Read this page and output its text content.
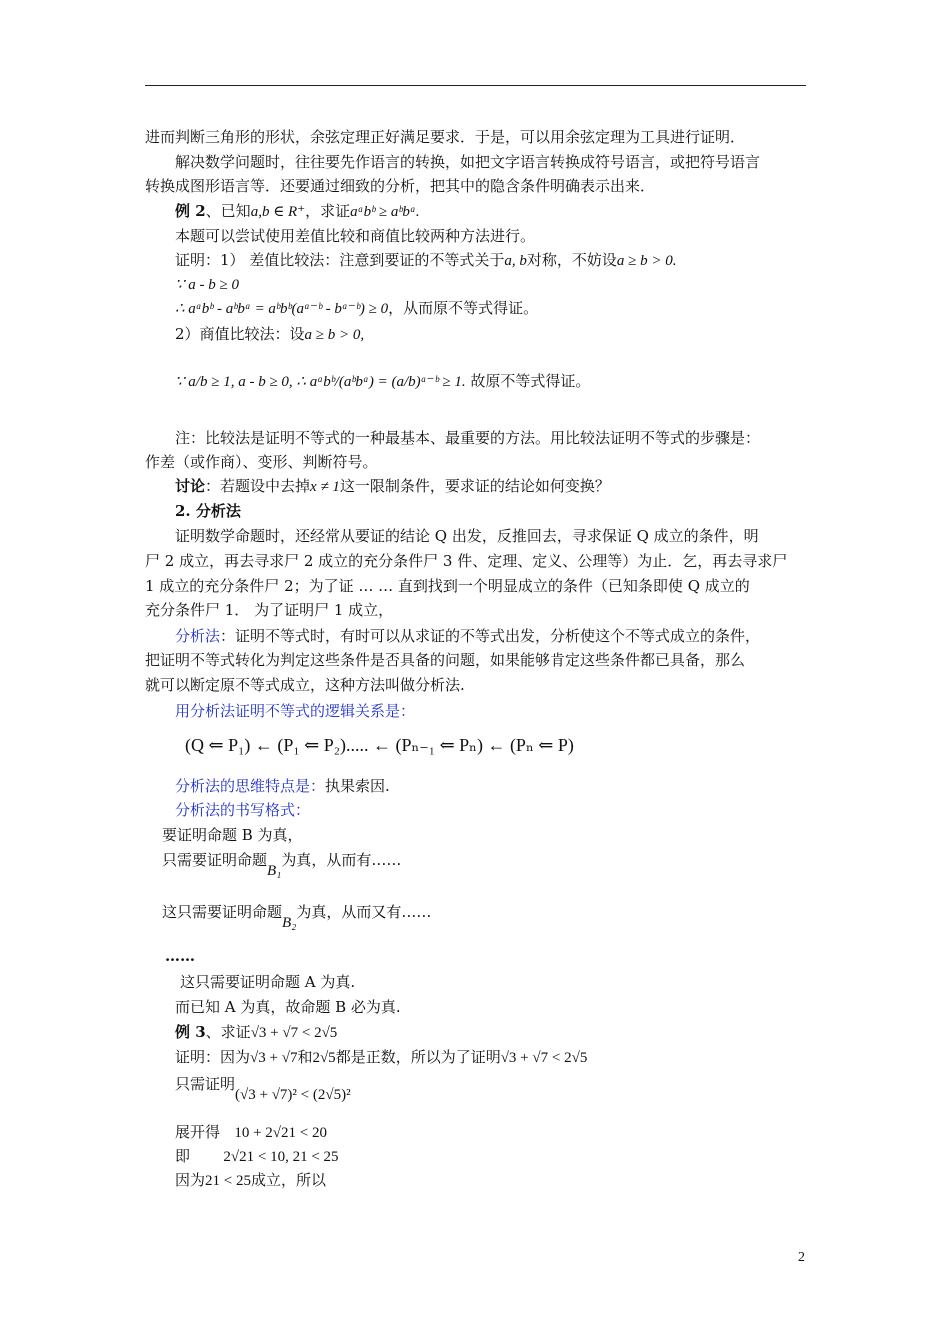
进而判断三角形的形状，余弦定理正好满足要求．于是，可以用余弦定理为工具进行证明．
解决数学问题时，往往要先作语言的转换，如把文字语言转换成符号语言，或把符号语言
转换成图形语言等．还要通过细致的分析，把其中的隐含条件明确表示出来．
例 2、已知a,b ∈ R⁺，求证aᵃbᵇ ≥ aᵇbᵃ.
本题可以尝试使用差值比较和商值比较两种方法进行。
证明：1） 差值比较法：注意到要证的不等式关于a, b对称，不妨设a ≥ b > 0.
∵ a - b ≥ 0
∴ aᵃbᵇ - aᵇbᵃ = aᵇbᵇ(aᵃ⁻ᵇ - bᵃ⁻ᵇ) ≥ 0，从而原不等式得证。
2）商值比较法：设a ≥ b > 0,
∵ a/b ≥ 1, a - b ≥ 0, ∴ aᵃbᵇ/(aᵇbᵃ) = (a/b)ᵃ⁻ᵇ ≥ 1. 故原不等式得证。
注：比较法是证明不等式的一种最基本、最重要的方法。用比较法证明不等式的步骤是：
作差（或作商）、变形、判断符号。
讨论：若题设中去掉x ≠ 1这一限制条件，要求证的结论如何变换？
2. 分析法
证明数学命题时，还经常从要证的结论 Q 出发，反推回去，寻求保证 Q 成立的条件，明
尸 2 成立，再去寻求尸 2 成立的充分条件尸 3 件、定理、定义、公理等）为止．乞，再去寻求尸
1 成立的充分条件尸 2；为了证 … … 直到找到一个明显成立的条件（已知条即使 Q 成立的
充分条件尸 1． 为了证明尸 1 成立，
分析法：证明不等式时，有时可以从求证的不等式出发，分析使这个不等式成立的条件，
把证明不等式转化为判定这些条件是否具备的问题，如果能够肯定这些条件都已具备，那么
就可以断定原不等式成立，这种方法叫做分析法.
用分析法证明不等式的逻辑关系是：
(Q ⇐ P₁) ← (P₁ ⇐ P₂)..... ← (Pₙ₋₁ ⇐ Pₙ) ← (Pₙ ⇐ P)
分析法的思维特点是：执果索因.
分析法的书写格式：
要证明命题 B 为真，
只需要证明命题B₁为真，从而有……
这只需要证明命题B₂为真，从而又有……
……
这只需要证明命题 A 为真.
而已知 A 为真，故命题 B 必为真.
例 3、求证√3 + √7 < 2√5
证明：因为√3 + √7和2√5都是正数，所以为了证明√3 + √7 < 2√5
只需证明(√3 + √7)² < (2√5)²
展开得 10 + 2√21 < 20
即 2√21 < 10, 21 < 25
因为21 < 25成立，所以
2
